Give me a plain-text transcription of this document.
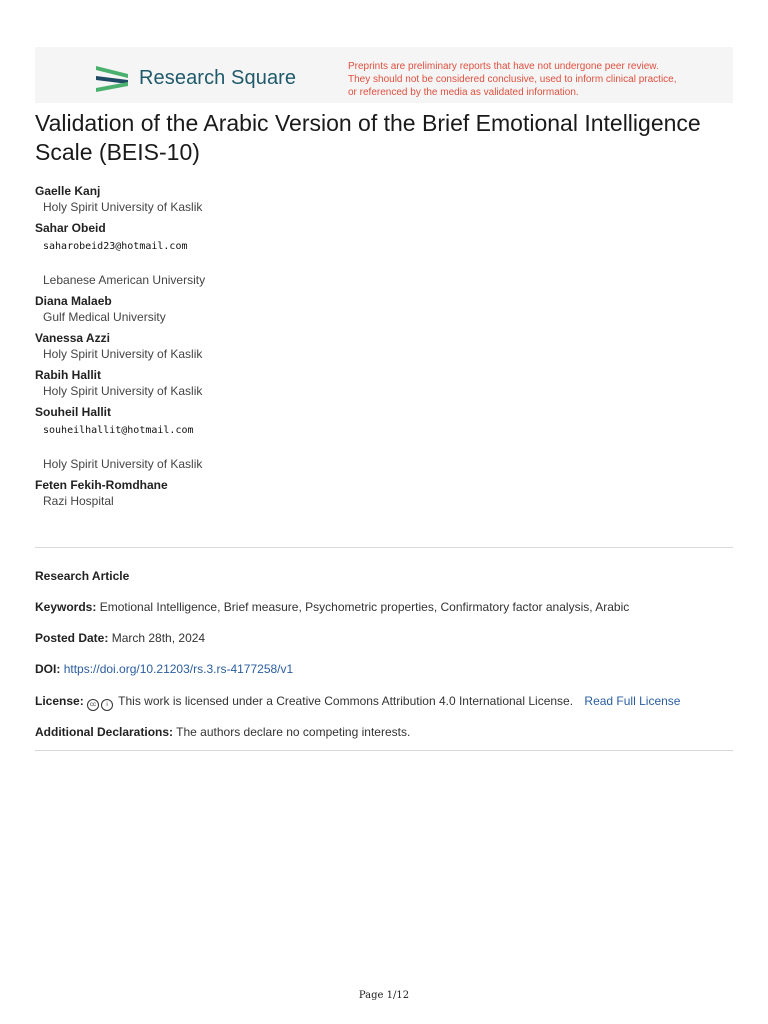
Research Square
Preprints are preliminary reports that have not undergone peer review.
They should not be considered conclusive, used to inform clinical practice,
or referenced by the media as validated information.
Validation of the Arabic Version of the Brief Emotional Intelligence Scale (BEIS-10)
Gaelle Kanj
Holy Spirit University of Kaslik
Sahar Obeid
saharobeid23@hotmail.com
Lebanese American University
Diana Malaeb
Gulf Medical University
Vanessa Azzi
Holy Spirit University of Kaslik
Rabih Hallit
Holy Spirit University of Kaslik
Souheil Hallit
souheilhallit@hotmail.com
Holy Spirit University of Kaslik
Feten Fekih-Romdhane
Razi Hospital
Research Article
Keywords: Emotional Intelligence, Brief measure, Psychometric properties, Confirmatory factor analysis, Arabic
Posted Date: March 28th, 2024
DOI: https://doi.org/10.21203/rs.3.rs-4177258/v1
License: cc i This work is licensed under a Creative Commons Attribution 4.0 International License. Read Full License
Additional Declarations: The authors declare no competing interests.
Page 1/12
